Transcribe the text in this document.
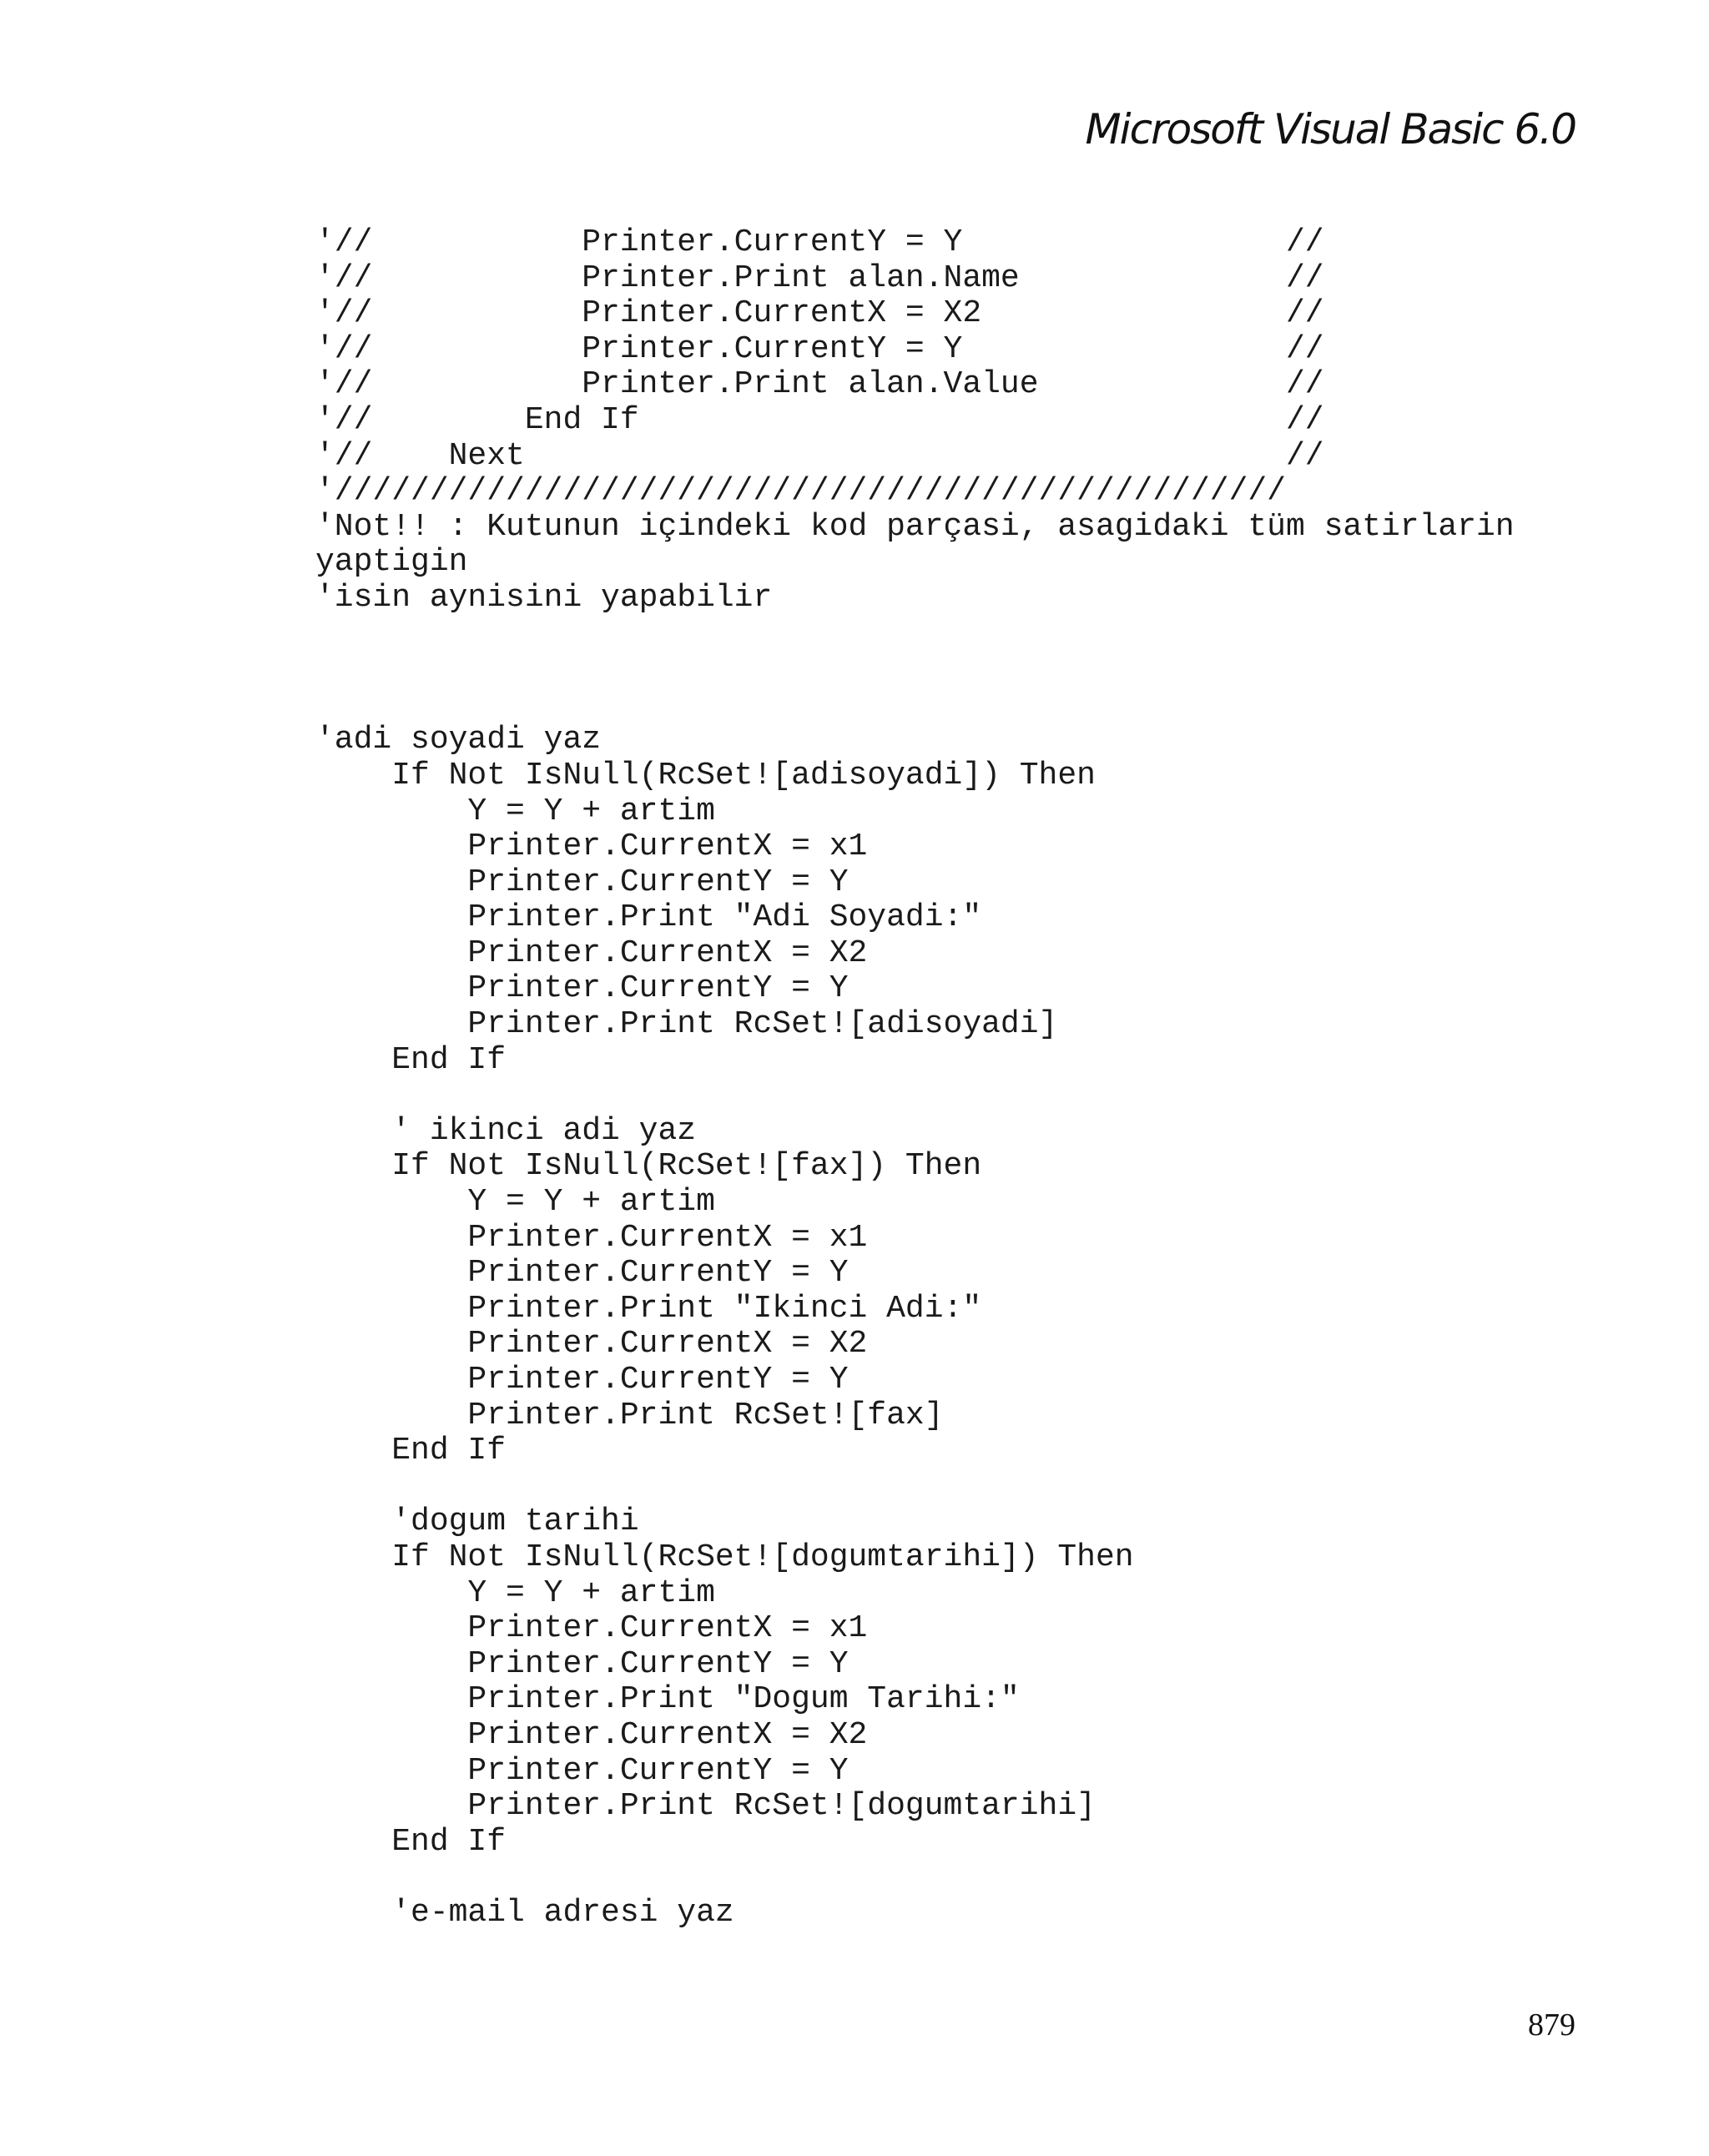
Microsoft Visual Basic 6.0
'//           Printer.CurrentY = Y                 //
'//           Printer.Print alan.Name              //
'//           Printer.CurrentX = X2                //
'//           Printer.CurrentY = Y                 //
'//           Printer.Print alan.Value             //
'//        End If                                  //
'//    Next                                        //
'//////////////////////////////////////////////////
'Not!! : Kutunun içindeki kod parçasi, asagidaki tüm satirlarin
yaptigin
'isin aynisini yapabilir
'adi soyadi yaz
If Not IsNull(RcSet![adisoyadi]) Then
Y = Y + artim
Printer.CurrentX = x1
Printer.CurrentY = Y
Printer.Print "Adi Soyadi:"
Printer.CurrentX = X2
Printer.CurrentY = Y
Printer.Print RcSet![adisoyadi]
End If
' ikinci adi yaz
If Not IsNull(RcSet![fax]) Then
Y = Y + artim
Printer.CurrentX = x1
Printer.CurrentY = Y
Printer.Print "Ikinci Adi:"
Printer.CurrentX = X2
Printer.CurrentY = Y
Printer.Print RcSet![fax]
End If
'dogum tarihi
If Not IsNull(RcSet![dogumtarihi]) Then
Y = Y + artim
Printer.CurrentX = x1
Printer.CurrentY = Y
Printer.Print "Dogum Tarihi:"
Printer.CurrentX = X2
Printer.CurrentY = Y
Printer.Print RcSet![dogumtarihi]
End If
'e-mail adresi yaz
879
